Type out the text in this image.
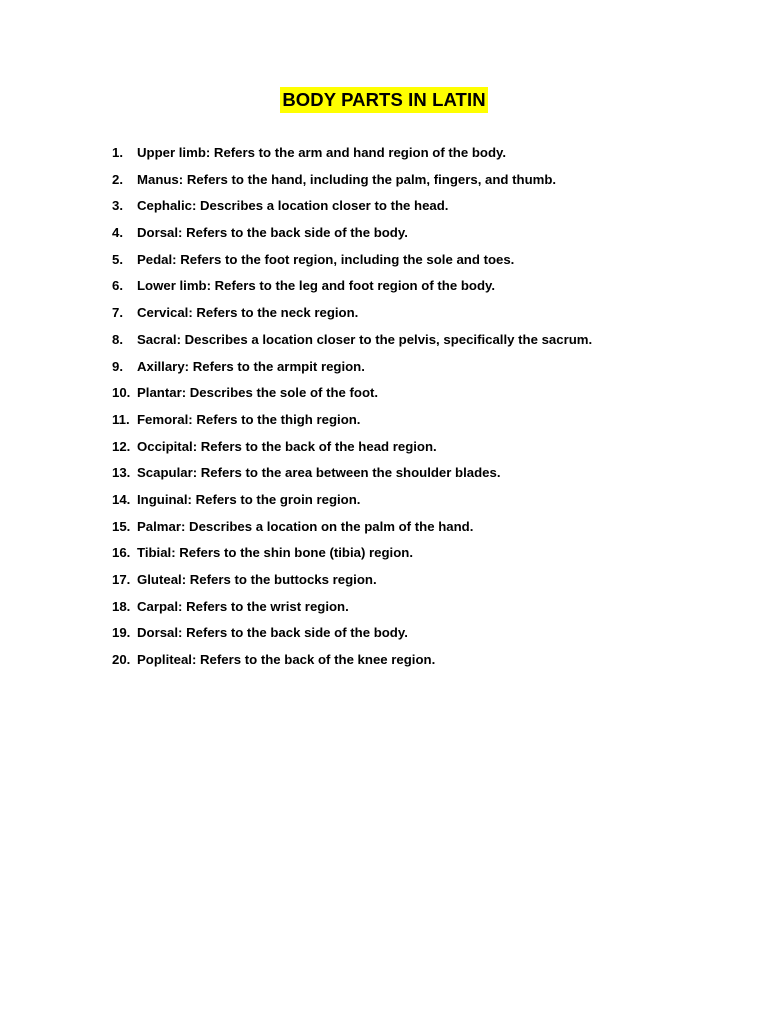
BODY PARTS IN LATIN
1.	Upper limb: Refers to the arm and hand region of the body.
2.	Manus: Refers to the hand, including the palm, fingers, and thumb.
3.	Cephalic: Describes a location closer to the head.
4.	Dorsal: Refers to the back side of the body.
5.	Pedal: Refers to the foot region, including the sole and toes.
6.	Lower limb: Refers to the leg and foot region of the body.
7.	Cervical: Refers to the neck region.
8.	Sacral: Describes a location closer to the pelvis, specifically the sacrum.
9.	Axillary: Refers to the armpit region.
10. Plantar: Describes the sole of the foot.
11. Femoral: Refers to the thigh region.
12. Occipital: Refers to the back of the head region.
13. Scapular: Refers to the area between the shoulder blades.
14. Inguinal: Refers to the groin region.
15. Palmar: Describes a location on the palm of the hand.
16. Tibial: Refers to the shin bone (tibia) region.
17. Gluteal: Refers to the buttocks region.
18. Carpal: Refers to the wrist region.
19. Dorsal: Refers to the back side of the body.
20. Popliteal: Refers to the back of the knee region.
